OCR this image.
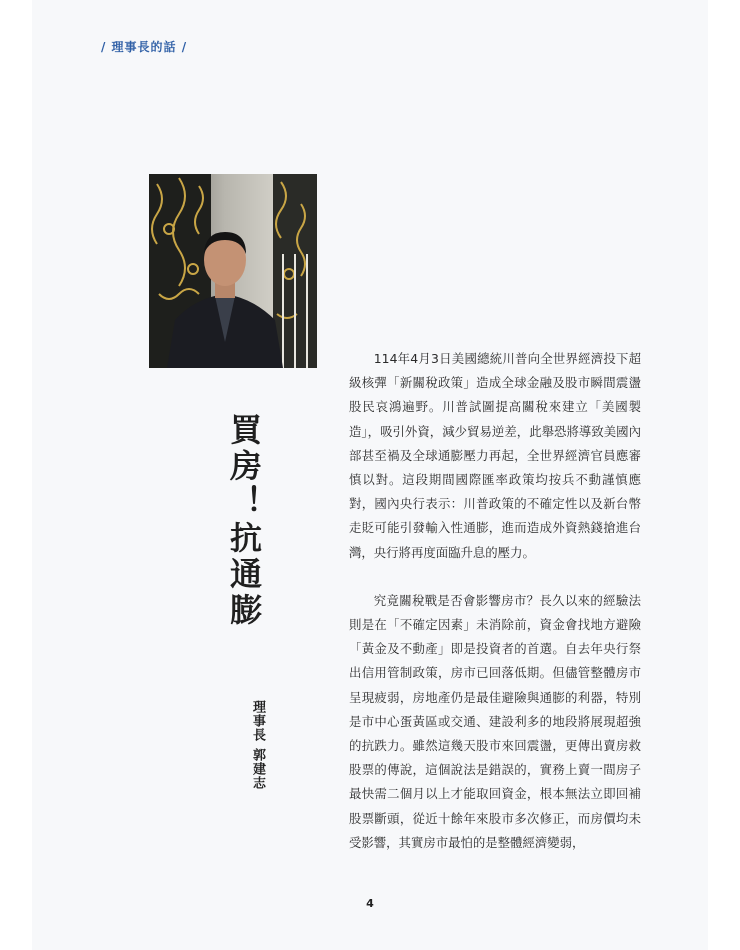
/ 理事長的話 /
買房！抗通膨
理事長
郭建志

114年4月3日美國總統川普向全世界經濟投下超級核彈「新關稅政策」造成全球金融及股市瞬間震盪股民哀鴻遍野。川普試圖提高關稅來建立「美國製造」，吸引外資，減少貿易逆差，此舉恐將導致美國內部甚至禍及全球通膨壓力再起，全世界經濟官員應審慎以對。這段期間國際匯率政策均按兵不動謹慎應對，國內央行表示：川普政策的不確定性以及新台幣走貶可能引發輸入性通膨，進而造成外資熱錢搶進台灣，央行將再度面臨升息的壓力。

究竟關稅戰是否會影響房市？長久以來的經驗法則是在「不確定因素」未消除前，資金會找地方避險「黃金及不動產」即是投資者的首選。自去年央行祭出信用管制政策，房市已回落低期。但儘管整體房市呈現疲弱，房地產仍是最佳避險與通膨的利器，特別是市中心蛋黃區或交通、建設利多的地段將展現超強的抗跌力。雖然這幾天股市來回震盪，更傳出賣房救股票的傳說，這個說法是錯誤的，實務上賣一間房子最快需二個月以上才能取回資金，根本無法立即回補股票斷頭，從近十餘年來股市多次修正，而房價均未受影響，其實房市最怕的是整體經濟變弱，

4
